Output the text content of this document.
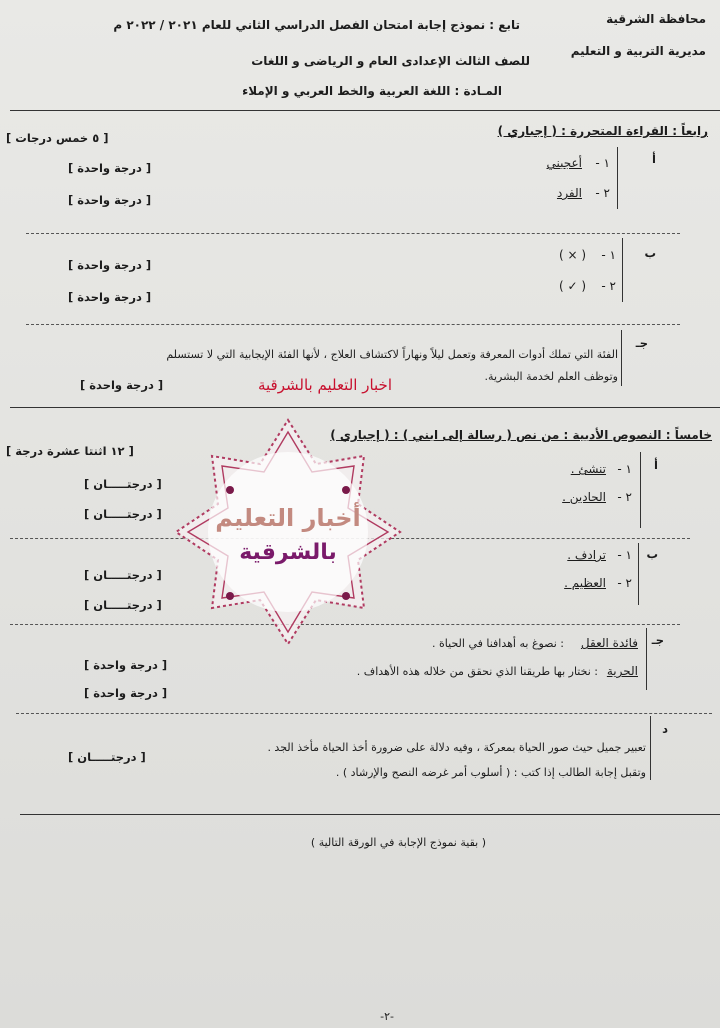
محافظة الشرقية
مديرية التربية و التعليم
تابع : نموذج إجابة امتحان الفصل الدراسي الثاني للعام ٢٠٢١ / ٢٠٢٢ م
للصف الثالث الإعدادى العام و الرياضى و اللغات
المـادة : اللغة العربية والخط العربي و الإملاء
رابعاً : القراءة المتحررة : ( إجباري )
[ ٥ خمس درجات ]
أ
١ -
أعجبني
[ درجة واحدة ]
٢ -
الفرد
[ درجة واحدة ]
ب
١ -
( × )
[ درجة واحدة ]
٢ -
( ✓ )
[ درجة واحدة ]
جـ
الفئة التي تملك أدوات المعرفة وتعمل ليلاً ونهاراً لاكتشاف العلاج ، لأنها الفئة الإيجابية التي لا تستسلم
وتوظف العلم لخدمة البشرية.
اخبار التعليم بالشرقية
[ درجة واحدة ]
خامساً : النصوص الأدبية : من نص ( رسالة إلى ابني ) : ( إجباري )
[ ١٢ اثنتا عشرة درجة ]
أ
١ -
تنشئ .
[ درجتـــــان ]
٢ -
الحادين .
[ درجتـــــان ]
ب
١ -
ترادف .
[ درجتـــــان ]
٢ -
العظيم .
[ درجتـــــان ]
جـ
فائدة العقل
: نصوغ به أهدافنا في الحياة .
[ درجة واحدة ]	الحرية
: نختار بها طريقنا الذي نحقق من خلاله هذه الأهداف .
[ درجة واحدة ]
د
تعبير جميل حيث صور الحياة بمعركة ، وفيه دلالة على ضرورة أخذ الحياة مأخذ الجد .
[ درجتـــــان ]
وتقبل إجابة الطالب إذا كتب : ( أسلوب أمر غرضه النصح والإرشاد ) .
( بقية نموذج الإجابة في الورقة التالية )
-٢-
أخبار التعليم
بالشرقية
